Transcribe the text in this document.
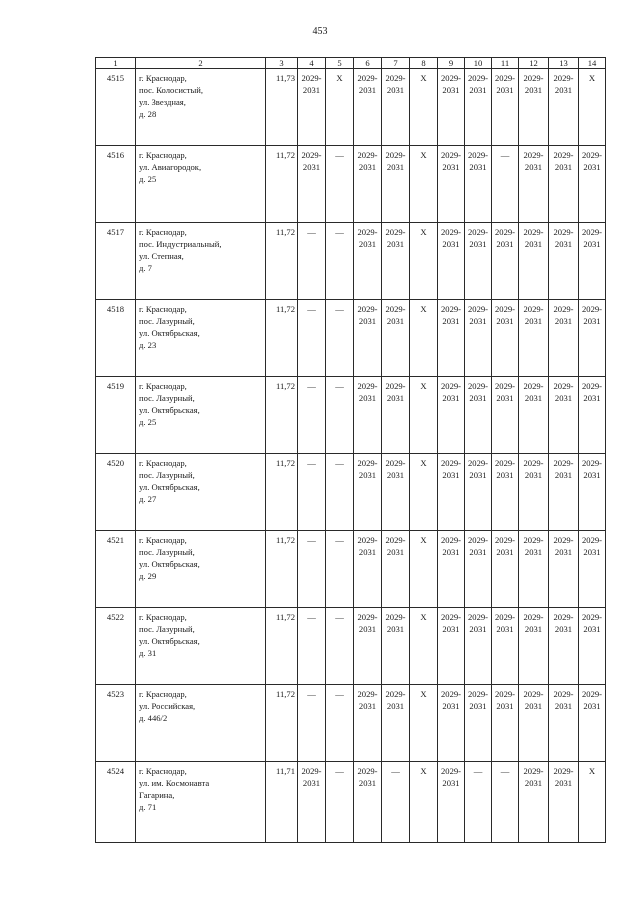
453
1	2	3	4	5	6	7	8	9	10	11	12	13	14
4515	г. Краснодар,
пос. Колосистый,
ул. Звездная,
д. 28	11,73	2029-
2031	Х	2029-
2031	2029-
2031	Х	2029-
2031	2029-
2031	2029-
2031	2029-
2031	2029-
2031	Х
4516	г. Краснодар,
ул. Авиагородок,
д. 25	11,72	2029-
2031	—	2029-
2031	2029-
2031	Х	2029-
2031	2029-
2031	—	2029-
2031	2029-
2031	2029-
2031

4517	г. Краснодар,
пос. Индустриальный,
ул. Степная,
д. 7	11,72	—	—	2029-
2031	2029-
2031	Х	2029-
2031	2029-
2031	2029-
2031	2029-
2031	2029-
2031	2029-
2031

4518	г. Краснодар,
пос. Лазурный,
ул. Октябрьская,
д. 23	11,72	—	—	2029-
2031	2029-
2031	Х	2029-
2031	2029-
2031	2029-
2031	2029-
2031	2029-
2031	2029-
2031

4519	г. Краснодар,
пос. Лазурный,
ул. Октябрьская,
д. 25	11,72	—	—	2029-
2031	2029-
2031	Х	2029-
2031	2029-
2031	2029-
2031	2029-
2031	2029-
2031	2029-
2031

4520	г. Краснодар,
пос. Лазурный,
ул. Октябрьская,
д. 27	11,72	—	—	2029-
2031	2029-
2031	Х	2029-
2031	2029-
2031	2029-
2031	2029-
2031	2029-
2031	2029-
2031

4521	г. Краснодар,
пос. Лазурный,
ул. Октябрьская,
д. 29	11,72	—	—	2029-
2031	2029-
2031	Х	2029-
2031	2029-
2031	2029-
2031	2029-
2031	2029-
2031	2029-
2031

4522	г. Краснодар,
пос. Лазурный,
ул. Октябрьская,
д. 31	11,72	—	—	2029-
2031	2029-
2031	Х	2029-
2031	2029-
2031	2029-
2031	2029-
2031	2029-
2031	2029-
2031

4523	г. Краснодар,
ул. Российская,
д. 446/2	11,72	—	—	2029-
2031	2029-
2031	Х	2029-
2031	2029-
2031	2029-
2031	2029-
2031	2029-
2031	2029-
2031

4524	г. Краснодар,
ул. им. Космонавта
Гагарина,
д. 71	11,71	2029-
2031	—	2029-
2031	—	Х	2029-
2031	—	—	2029-
2031	2029-
2031	Х
